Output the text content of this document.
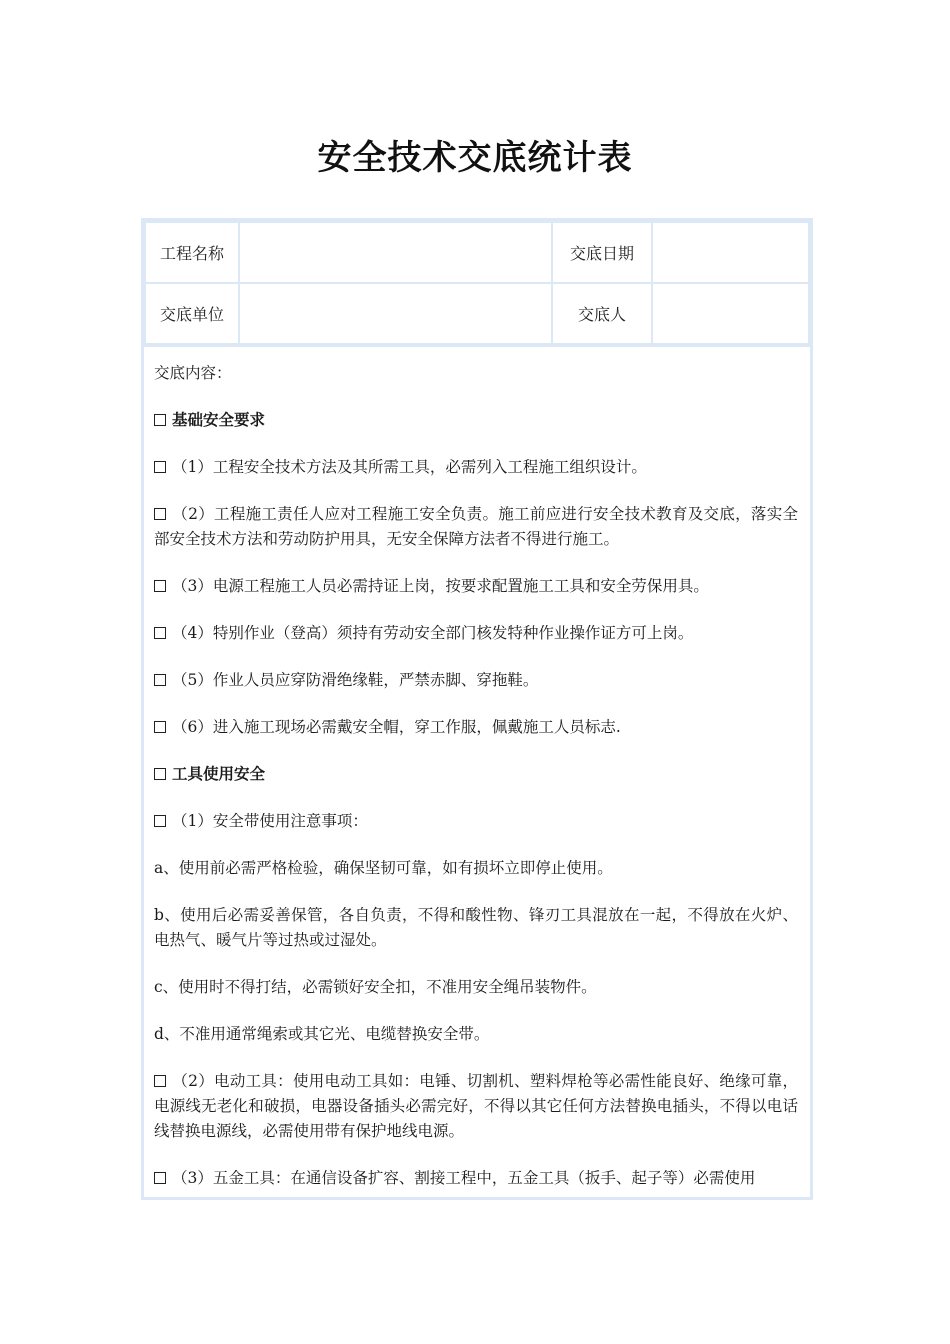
安全技术交底统计表
工程名称		交底日期	
交底单位		交底人	

交底内容：

基础安全要求

（1）工程安全技术方法及其所需工具，必需列入工程施工组织设计。

（2）工程施工责任人应对工程施工安全负责。施工前应进行安全技术教育及交底，落实全部安全技术方法和劳动防护用具，无安全保障方法者不得进行施工。

（3）电源工程施工人员必需持证上岗，按要求配置施工工具和安全劳保用具。

（4）特别作业（登高）须持有劳动安全部门核发特种作业操作证方可上岗。

（5）作业人员应穿防滑绝缘鞋，严禁赤脚、穿拖鞋。

（6）进入施工现场必需戴安全帽，穿工作服，佩戴施工人员标志.

工具使用安全

（1）安全带使用注意事项：

a、使用前必需严格检验，确保坚韧可靠，如有损坏立即停止使用。

b、使用后必需妥善保管，各自负责，不得和酸性物、锋刃工具混放在一起，不得放在火炉、电热气、暖气片等过热或过湿处。

c、使用时不得打结，必需锁好安全扣，不准用安全绳吊装物件。

d、不准用通常绳索或其它光、电缆替换安全带。

（2）电动工具：使用电动工具如：电锤、切割机、塑料焊枪等必需性能良好、绝缘可靠，电源线无老化和破损，电器设备插头必需完好，不得以其它任何方法替换电插头，不得以电话线替换电源线，必需使用带有保护地线电源。

（3）五金工具：在通信设备扩容、割接工程中，五金工具（扳手、起子等）必需使用
